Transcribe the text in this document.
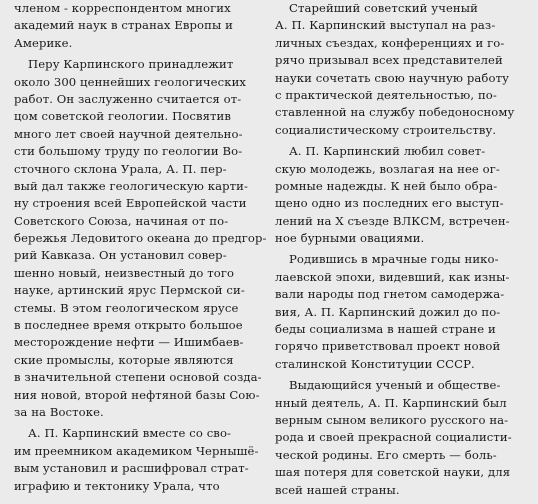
членом - корреспондентом многих
академий наук в странах Европы и
Америке.
Перу Карпинского принадлежит
около 300 ценнейших геологических
работ. Он заслуженно считается от-
цом советской геологии. Посвятив
много лет своей научной деятельно-
сти большому труду по геологии Во-
сточного склона Урала, А. П. пер-
вый дал также геологическую карти-
ну строения всей Европейской части
Советского Союза, начиная от по-
бережья Ледовитого океана до предгор-
рий Кавказа. Он установил совер-
шенно новый, неизвестный до того
науке, артинский ярус Пермской си-
стемы. В этом геологическом ярусе
в последнее время открыто большое
месторождение нефти — Ишимбаев-
ские промыслы, которые являются
в значительной степени основой созда-
ния новой, второй нефтяной базы Сою-
за на Востоке.
А. П. Карпинский вместе со сво-
им преемником академиком Чернышё-
вым установил и расшифровал страт-
играфию и тектонику Урала, что
Старейший советский ученый
А. П. Карпинский выступал на раз-
личных съездах, конференциях и го-
рячо призывал всех представителей
науки сочетать свою научную работу
с практической деятельностью, по-
ставленной на службу победоносному
социалистическому строительству.
А. П. Карпинский любил совет-
скую молодежь, возлагая на нее ог-
ромные надежды. К ней было обра-
щено одно из последних его выступ-
лений на X съезде ВЛКСМ, встречен-
ное бурными овациями.
Родившись в мрачные годы нико-
лаевской эпохи, видевший, как изны-
вали народы под гнетом самодержа-
вия, А. П. Карпинский дожил до по-
беды социализма в нашей стране и
горячо приветствовал проект новой
сталинской Конституции СССР.
Выдающийся ученый и обществе-
нный деятель, А. П. Карпинский был
верным сыном великого русского на-
рода и своей прекрасной социалисти-
ческой родины. Его смерть — боль-
шая потеря для советской науки, для
всей нашей страны.
